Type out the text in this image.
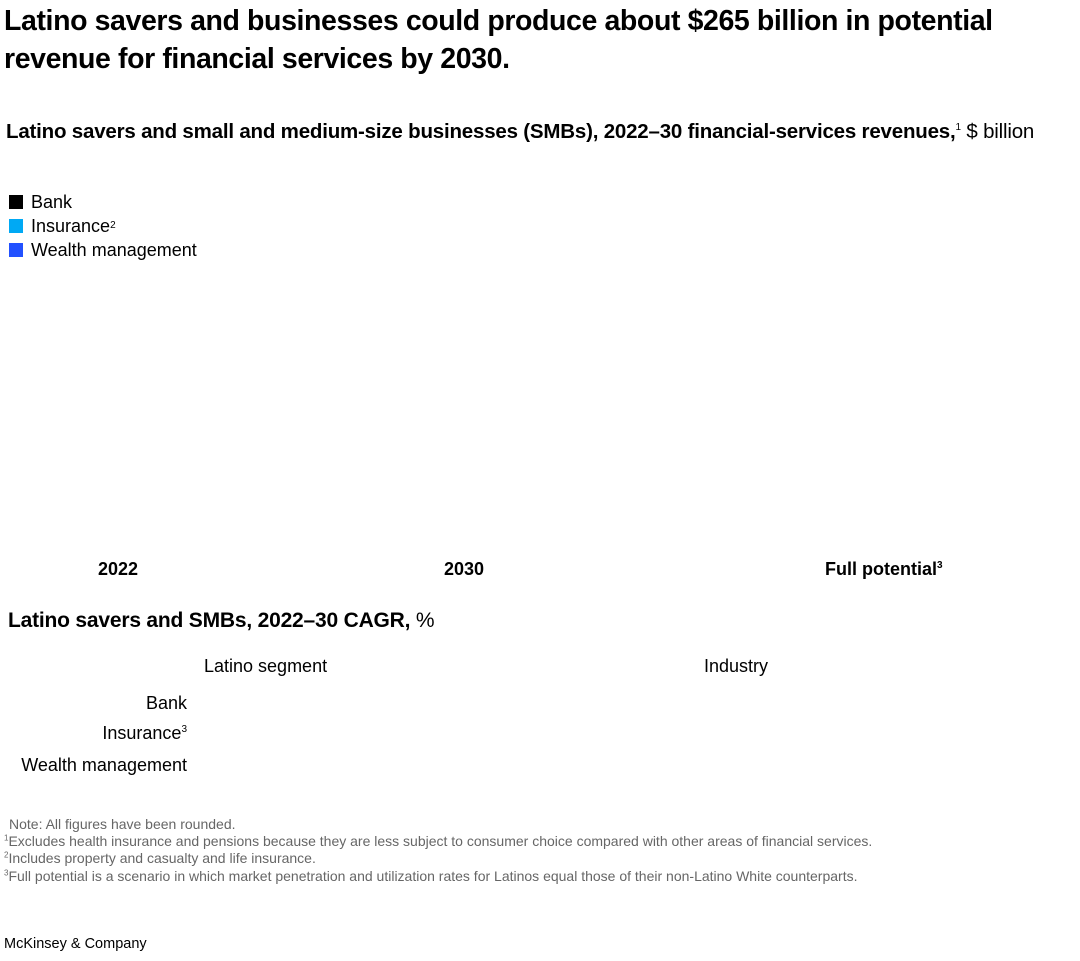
Latino savers and businesses could produce about $265 billion in potential revenue for financial services by 2030.
Latino savers and small and medium-size businesses (SMBs), 2022–30 financial-services revenues,$^1$ $ billion
Bank
Insurance 2
Wealth management
2022	2030	Full potential$^3$
Latino savers and SMBs, 2022–30 CAGR, %
Latino segment	Industry
Bank
Insurance$^3$
Wealth management
Note: All figures have been rounded.
$^1$Excludes health insurance and pensions because they are less subject to consumer choice compared with other areas of financial services.
$^2$Includes property and casualty and life insurance.
$^3$Full potential is a scenario in which market penetration and utilization rates for Latinos equal those of their non-Latino White counterparts.
McKinsey & Company
